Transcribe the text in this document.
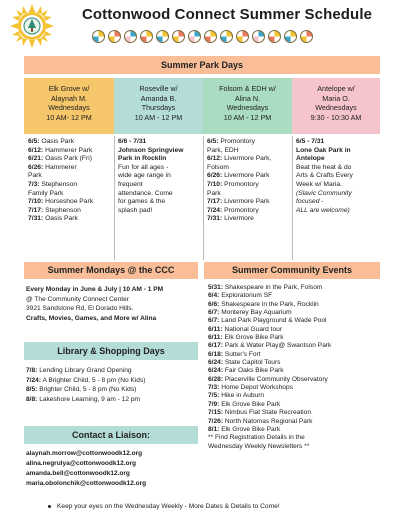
Cottonwood Connect Summer Schedule
Summer Park Days
Elk Grove w/
Alaynah M.
Wednesdays
10 AM- 12 PM
Roseville w/
Amanda B.
Thursdays
10 AM - 12 PM
Folsom & EDH w/
Alina N.
Wednesdays
10 AM - 12 PM
Antelope w/
Maria O.
Wednesdays
9:30 - 10:30 AM
6/5: Oasis Park
6/12: Hammerer Park
6/21: Oasis Park (Fri)
6/26: Hammerer
Park
7/3: Stephenson
Family Park
7/10: Horseshoe Park
7/17: Stephenson
7/31: Oasis Park
6/6 - 7/31
Johnson Springview
Park in Rocklin
Fun for all ages -
wide age range in
frequent
attendance. Come
for games & the
splash pad!
6/5: Promontory
Park, EDH
6/12: Livermore Park,
Folsom
6/26: Livermore Park
7/10: Promontory
Park
7/17: Livermore Park
7/24: Promontory
7/31: Livermore
6/5 - 7/31
Lone Oak Park in
Antelope
Beat the heat & do
Arts & Crafts Every
Week w/ Maria.
(Slavic Community
focused -
ALL are welcome)
Summer Mondays @ the CCC
Every Monday in June & July | 10 AM - 1 PM
@ The Community Connect Center
3921 Sandstone Rd, El Dorado Hills.
Crafts, Movies, Games, and More w/ Alina
Summer Community Events
5/31: Shakespeare in the Park, Folsom
6/4: Exploratorium SF
6/6: Shakespeare in the Park, Rocklin
6/7: Monterey Bay Aquarium
6/7: Land Park Playground & Wade Pool
6/11: National Guard tour
6/11: Elk Grove Bike Park
6/17: Park & Water Play@ Swantson Park
6/18: Sutter's Fort
6/24: State Capitol Tours
6/24: Fair Oaks Bike Park
6/28: Placerville Community Observatory
7/3: Home Depot Workshops
7/5: Hike in Auburn
7/9: Elk Grove Bike Park
7/15: Nimbus Flat State Recreation
7/26: North Natomas Regional Park
8/1: Elk Grove Bike Park
** Find Registration Details in the
Wednesday Weekly Newsletters **
Library & Shopping Days
7/8: Lending Library Grand Opening
7/24: A Brighter Child, 5 - 8 pm (No Kids)
8/5: Brighter Child, 5 - 8 pm (No Kids)
8/8: Lakeshore Learning, 9 am - 12 pm
Contact a Liaison:
alaynah.morrow@cottonwoodk12.org
alina.negrulya@cottonwoodk12.org
amanda.bell@cottonwoodk12.org
maria.obolonchik@cottonwoodk12.org
Keep your eyes on the Wednesday Weekly - More Dates & Details to Come!
